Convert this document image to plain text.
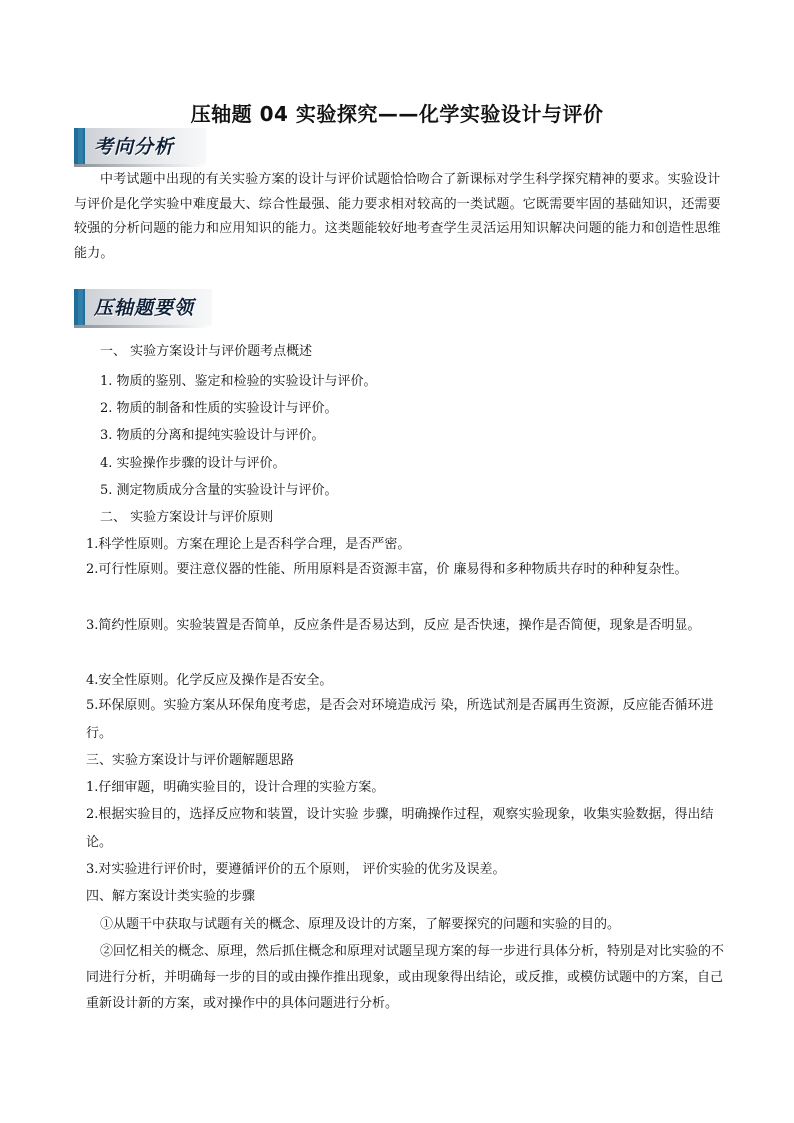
压轴题 04 实验探究——化学实验设计与评价
考向分析
中考试题中出现的有关实验方案的设计与评价试题恰恰吻合了新课标对学生科学探究精神的要求。实验设计与评价是化学实验中难度最大、综合性最强、能力要求相对较高的一类试题。它既需要牢固的基础知识，还需要较强的分析问题的能力和应用知识的能力。这类题能较好地考查学生灵活运用知识解决问题的能力和创造性思维能力。
压轴题要领
一、 实验方案设计与评价题考点概述
1. 物质的鉴别、鉴定和检验的实验设计与评价。
2. 物质的制备和性质的实验设计与评价。
3. 物质的分离和提纯实验设计与评价。
4. 实验操作步骤的设计与评价。
5. 测定物质成分含量的实验设计与评价。
二、 实验方案设计与评价原则
1.科学性原则。方案在理论上是否科学合理，是否严密。
2.可行性原则。要注意仪器的性能、所用原料是否资源丰富，价 廉易得和多种物质共存时的种种复杂性。
3.简约性原则。实验装置是否简单，反应条件是否易达到，反应 是否快速，操作是否简便，现象是否明显。
4.安全性原则。化学反应及操作是否安全。
5.环保原则。实验方案从环保角度考虑，是否会对环境造成污 染，所选试剂是否属再生资源，反应能否循环进行。
三、实验方案设计与评价题解题思路
1.仔细审题，明确实验目的，设计合理的实验方案。
2.根据实验目的，选择反应物和装置，设计实验 步骤，明确操作过程，观察实验现象，收集实验数据，得出结论。
3.对实验进行评价时，要遵循评价的五个原则， 评价实验的优劣及误差。
四、解方案设计类实验的步骤
①从题干中获取与试题有关的概念、原理及设计的方案，了解要探究的问题和实验的目的。
②回忆相关的概念、原理，然后抓住概念和原理对试题呈现方案的每一步进行具体分析，特别是对比实验的不同进行分析，并明确每一步的目的或由操作推出现象，或由现象得出结论，或反推，或模仿试题中的方案，自己重新设计新的方案，或对操作中的具体问题进行分析。
